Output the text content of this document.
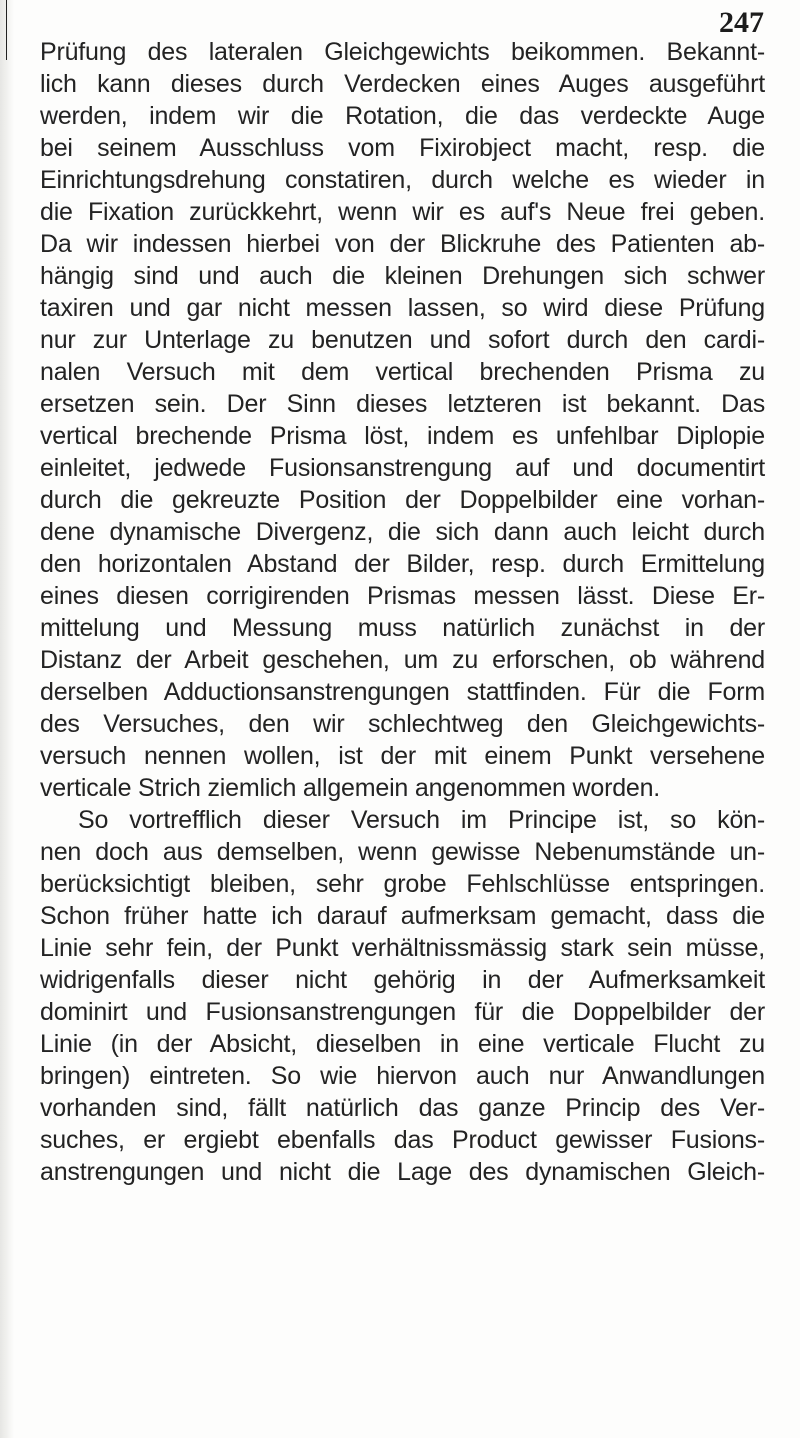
247
Prüfung des lateralen Gleichgewichts beikommen. Bekannt-
lich kann dieses durch Verdecken eines Auges ausgeführt
werden, indem wir die Rotation, die das verdeckte Auge
bei seinem Ausschluss vom Fixirobject macht, resp. die
Einrichtungsdrehung constatiren, durch welche es wieder in
die Fixation zurückkehrt, wenn wir es auf's Neue frei geben.
Da wir indessen hierbei von der Blickruhe des Patienten ab-
hängig sind und auch die kleinen Drehungen sich schwer
taxiren und gar nicht messen lassen, so wird diese Prüfung
nur zur Unterlage zu benutzen und sofort durch den cardi-
nalen Versuch mit dem vertical brechenden Prisma zu
ersetzen sein. Der Sinn dieses letzteren ist bekannt. Das
vertical brechende Prisma löst, indem es unfehlbar Diplopie
einleitet, jedwede Fusionsanstrengung auf und documentirt
durch die gekreuzte Position der Doppelbilder eine vorhan-
dene dynamische Divergenz, die sich dann auch leicht durch
den horizontalen Abstand der Bilder, resp. durch Ermittelung
eines diesen corrigirenden Prismas messen lässt. Diese Er-
mittelung und Messung muss natürlich zunächst in der
Distanz der Arbeit geschehen, um zu erforschen, ob während
derselben Adductionsanstrengungen stattfinden. Für die Form
des Versuches, den wir schlechtweg den Gleichgewichts-
versuch nennen wollen, ist der mit einem Punkt versehene
verticale Strich ziemlich allgemein angenommen worden.
So vortrefflich dieser Versuch im Principe ist, so kön-
nen doch aus demselben, wenn gewisse Nebenumstände un-
berücksichtigt bleiben, sehr grobe Fehlschlüsse entspringen.
Schon früher hatte ich darauf aufmerksam gemacht, dass die
Linie sehr fein, der Punkt verhältnissmässig stark sein müsse,
widrigenfalls dieser nicht gehörig in der Aufmerksamkeit
dominirt und Fusionsanstrengungen für die Doppelbilder der
Linie (in der Absicht, dieselben in eine verticale Flucht zu
bringen) eintreten. So wie hiervon auch nur Anwandlungen
vorhanden sind, fällt natürlich das ganze Princip des Ver-
suches, er ergiebt ebenfalls das Product gewisser Fusions-
anstrengungen und nicht die Lage des dynamischen Gleich-
